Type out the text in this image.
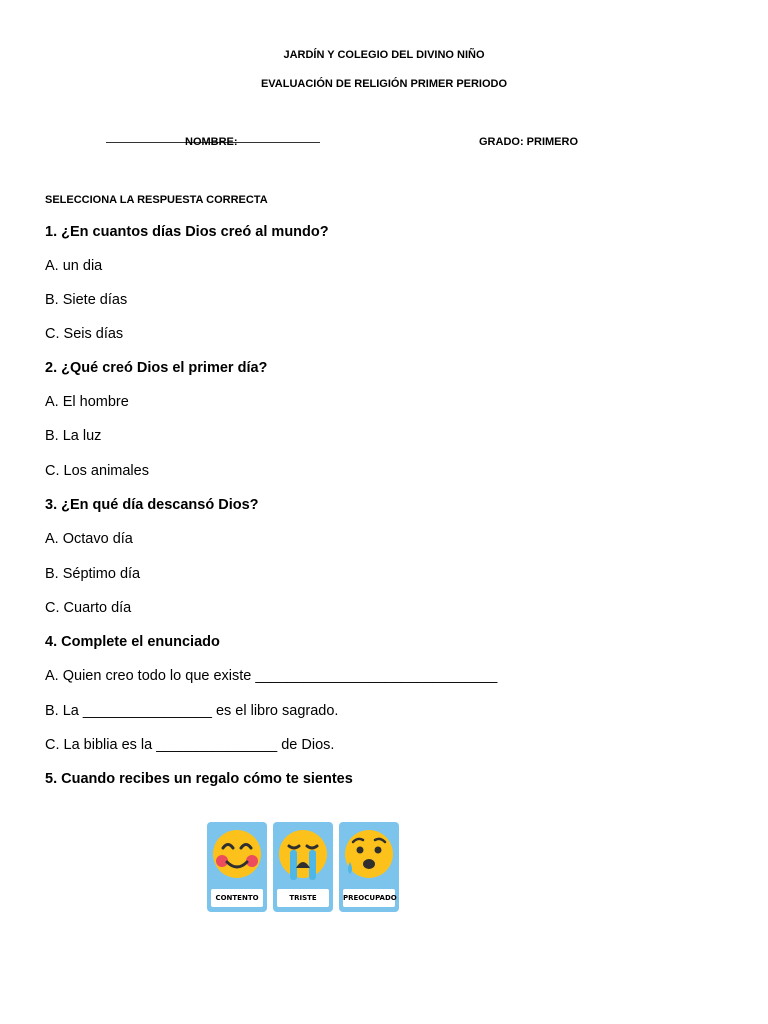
JARDÍN Y COLEGIO DEL DIVINO NIÑO
EVALUACIÓN DE RELIGIÓN PRIMER PERIODO
NOMBRE:	GRADO: PRIMERO
SELECCIONA LA RESPUESTA CORRECTA
1. ¿En cuantos días Dios creó al mundo?
A. un dia
B. Siete días
C. Seis días
2. ¿Qué creó Dios el primer día?
A. El hombre
B. La luz
C. Los animales
3. ¿En qué día descansó Dios?
A. Octavo día
B. Séptimo día
C. Cuarto día
4. Complete el enunciado
A. Quien creo todo lo que existe ______________________________
B. La ________________ es el libro sagrado.
C. La biblia es la _______________ de Dios.
5. Cuando recibes un regalo cómo te sientes
CONTENTO	TRISTE	PREOCUPADO
